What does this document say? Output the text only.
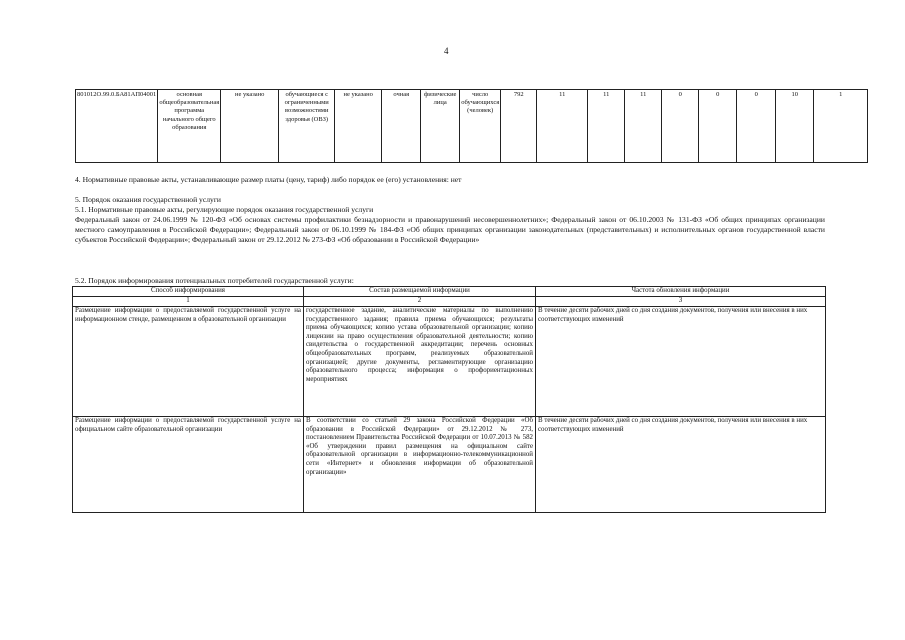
4
801012О.99.0.БА81АП04001	основная общеобразовательная программа начального общего образования	не указано	обучающиеся с ограниченными возможностями здоровья (ОВЗ)	не указано	очная	физические лица	число обучающихся (человек)	792	11	11	11	0	0	0	10	1
4. Нормативные правовые акты, устанавливающие размер платы (цену, тариф) либо порядок ее (его) установления: нет
5. Порядок оказания государственной услуги
5.1. Нормативные правовые акты, регулирующие порядок оказания государственной услуги
Федеральный закон от 24.06.1999 № 120-ФЗ «Об основах системы профилактики безнадзорности и правонарушений несовершеннолетних»; Федеральный закон от 06.10.2003 № 131-ФЗ «Об общих принципах организации местного самоуправления в Российской Федерации»; Федеральный закон от 06.10.1999 № 184-ФЗ «Об общих принципах организации законодательных (представительных) и исполнительных органов государственной власти субъектов Российской Федерации»; Федеральный закон от 29.12.2012 № 273-ФЗ «Об образовании в Российской Федерации»
5.2. Порядок информирования потенциальных потребителей государственной услуги:
Способ информирования	Состав размещаемой информации	Частота обновления информации
1	2	3
Размещение информации о предоставляемой государственной услуге на информационном стенде, размещенном в образовательной организации	государственное задание, аналитические материалы по выполнению государственного задания; правила приема обучающихся; результаты приема обучающихся; копию устава образовательной организации; копию лицензии на право осуществления образовательной деятельности; копию свидетельства о государственной аккредитации; перечень основных общеобразовательных программ, реализуемых образовательной организацией; другие документы, регламентирующие организацию образовательного процесса; информация о профориентационных мероприятиях	В течение десяти рабочих дней со дня создания документов, получения или внесения в них соответствующих изменений
Размещение информации о предоставляемой государственной услуге на официальном сайте образовательной организации	В соответствии со статьей 29 закона Российской Федерации «Об образовании в Российской Федерации» от 29.12.2012 № 273, постановлением Правительства Российской Федерации от 10.07.2013 № 582 «Об утверждении правил размещения на официальном сайте образовательной организации в информационно-телекоммуникационной сети «Интернет» и обновления информации об образовательной организации»	В течение десяти рабочих дней со дня создания документов, получения или внесения в них соответствующих изменений
